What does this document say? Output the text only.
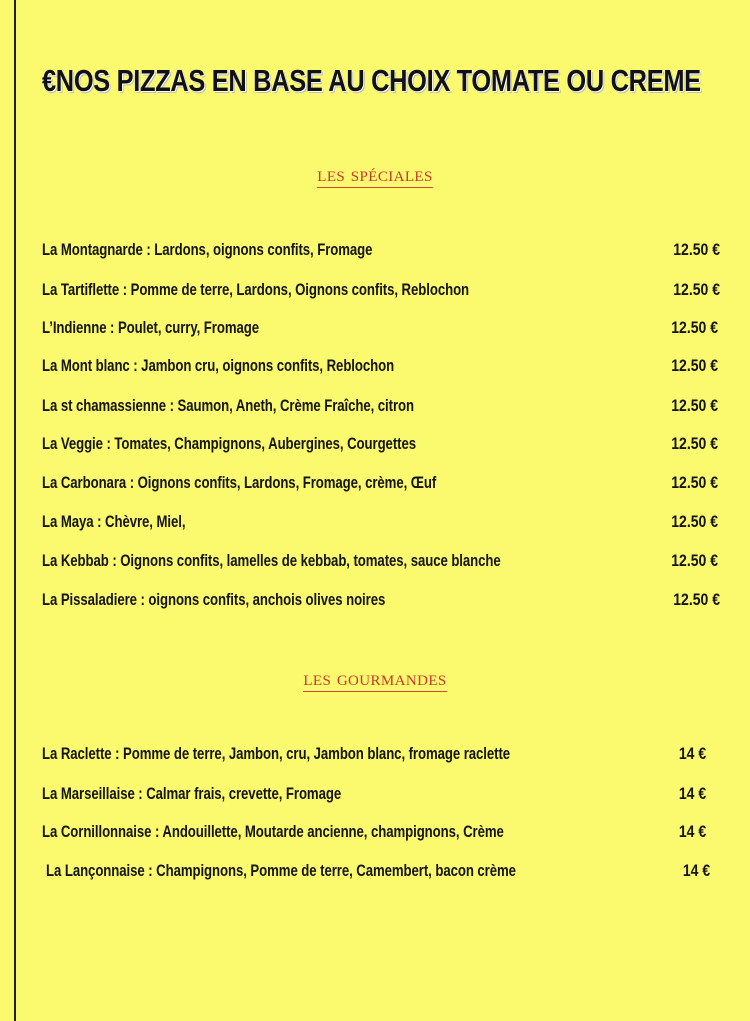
€NOS PIZZAS EN BASE AU CHOIX TOMATE OU CREME
les spéciales
La Montagnarde : Lardons, oignons confits, Fromage	12.50 €
La Tartiflette : Pomme de terre, Lardons, Oignons confits, Reblochon	12.50 €
L’Indienne : Poulet, curry, Fromage	12.50 €
La Mont blanc : Jambon cru, oignons confits, Reblochon	12.50 €
La st chamassienne : Saumon, Aneth, Crème Fraîche, citron	12.50 €
La Veggie : Tomates, Champignons, Aubergines, Courgettes	12.50 €
La Carbonara : Oignons confits, Lardons, Fromage, crème, Œuf	12.50 €
La Maya : Chèvre, Miel,	12.50 €
La Kebbab : Oignons confits, lamelles de kebbab, tomates, sauce blanche	12.50 €
La Pissaladiere : oignons confits, anchois olives noires	12.50 €
les gourmandes
La Raclette : Pomme de terre, Jambon, cru, Jambon blanc, fromage raclette	14 €
La Marseillaise : Calmar frais, crevette, Fromage	14 €
La Cornillonnaise : Andouillette, Moutarde ancienne, champignons, Crème	14 €
La Lançonnaise : Champignons, Pomme de terre, Camembert, bacon crème	14 €
